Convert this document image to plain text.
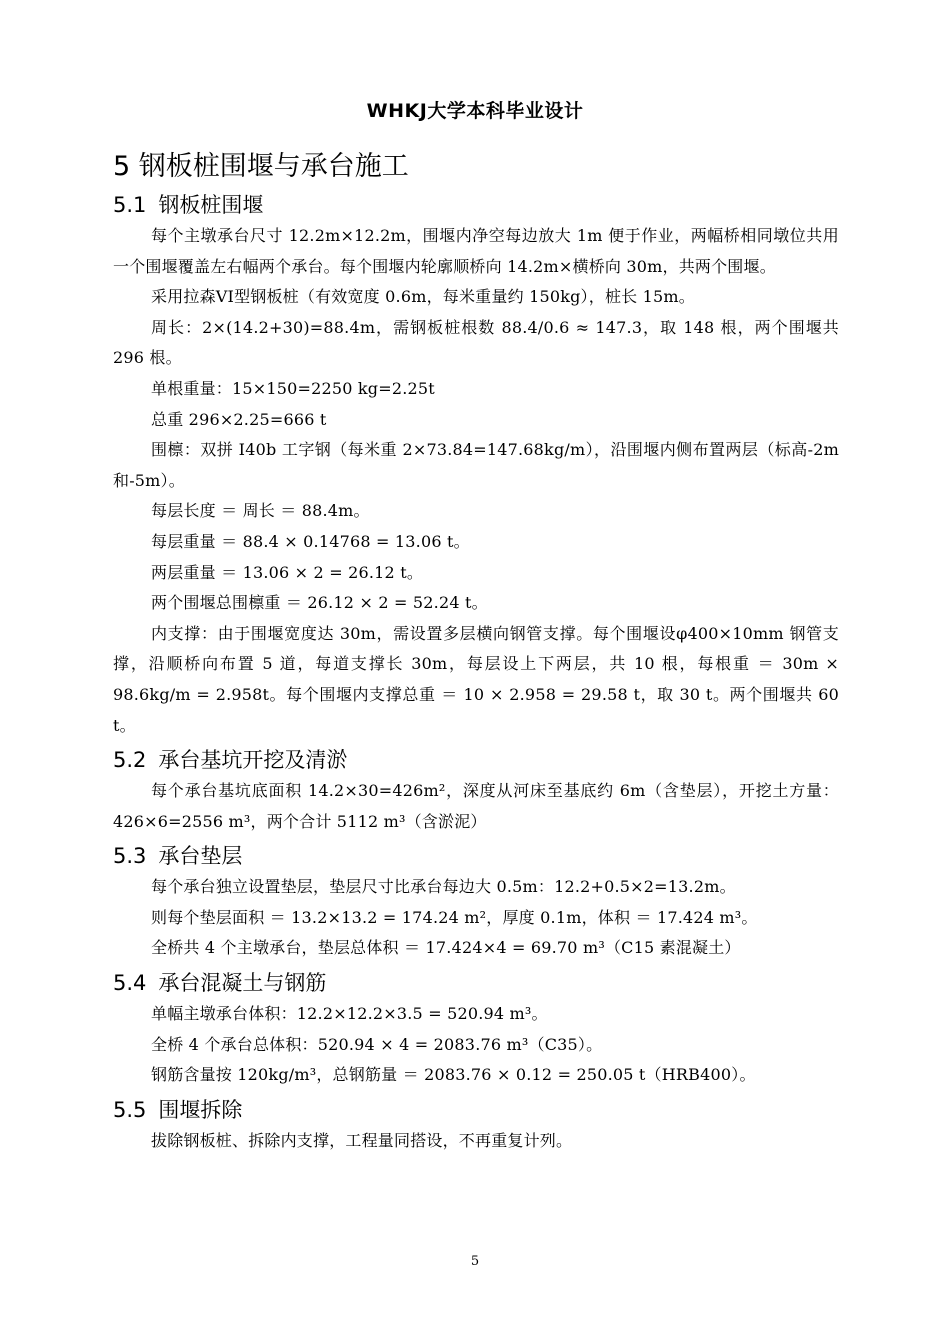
WHKJ大学本科毕业设计
5 钢板桩围堰与承台施工
5.1 钢板桩围堰

每个主墩承台尺寸 12.2m×12.2m，围堰内净空每边放大 1m 便于作业，两幅桥相同墩位共用一个围堰覆盖左右幅两个承台。每个围堰内轮廓顺桥向 14.2m×横桥向 30m，共两个围堰。

采用拉森VI型钢板桩（有效宽度 0.6m，每米重量约 150kg），桩长 15m。

周长：2×(14.2+30)=88.4m，需钢板桩根数 88.4/0.6 ≈ 147.3，取 148 根，两个围堰共 296 根。

单根重量：15×150=2250 kg=2.25t

总重 296×2.25=666 t

围檩：双拼 I40b 工字钢（每米重 2×73.84=147.68kg/m），沿围堰内侧布置两层（标高-2m 和-5m）。

每层长度 ＝ 周长 ＝ 88.4m。

每层重量 ＝ 88.4 × 0.14768 = 13.06 t。

两层重量 ＝ 13.06 × 2 = 26.12 t。

两个围堰总围檩重 ＝ 26.12 × 2 = 52.24 t。

内支撑：由于围堰宽度达 30m，需设置多层横向钢管支撑。每个围堰设φ400×10mm 钢管支撑，沿顺桥向布置 5 道，每道支撑长 30m，每层设上下两层，共 10 根，每根重 ＝ 30m × 98.6kg/m = 2.958t。每个围堰内支撑总重 ＝ 10 × 2.958 = 29.58 t，取 30 t。两个围堰共 60 t。

5.2 承台基坑开挖及清淤

每个承台基坑底面积 14.2×30=426m²，深度从河床至基底约 6m（含垫层），开挖土方量：426×6=2556 m³，两个合计 5112 m³（含淤泥）

5.3 承台垫层

每个承台独立设置垫层，垫层尺寸比承台每边大 0.5m：12.2+0.5×2=13.2m。

则每个垫层面积 ＝ 13.2×13.2 = 174.24 m²，厚度 0.1m，体积 ＝ 17.424 m³。

全桥共 4 个主墩承台，垫层总体积 ＝ 17.424×4 = 69.70 m³（C15 素混凝土）

5.4 承台混凝土与钢筋

单幅主墩承台体积：12.2×12.2×3.5 = 520.94 m³。

全桥 4 个承台总体积：520.94 × 4 = 2083.76 m³（C35）。

钢筋含量按 120kg/m³，总钢筋量 ＝ 2083.76 × 0.12 = 250.05 t（HRB400）。

5.5 围堰拆除

拔除钢板桩、拆除内支撑，工程量同搭设，不再重复计列。

5
